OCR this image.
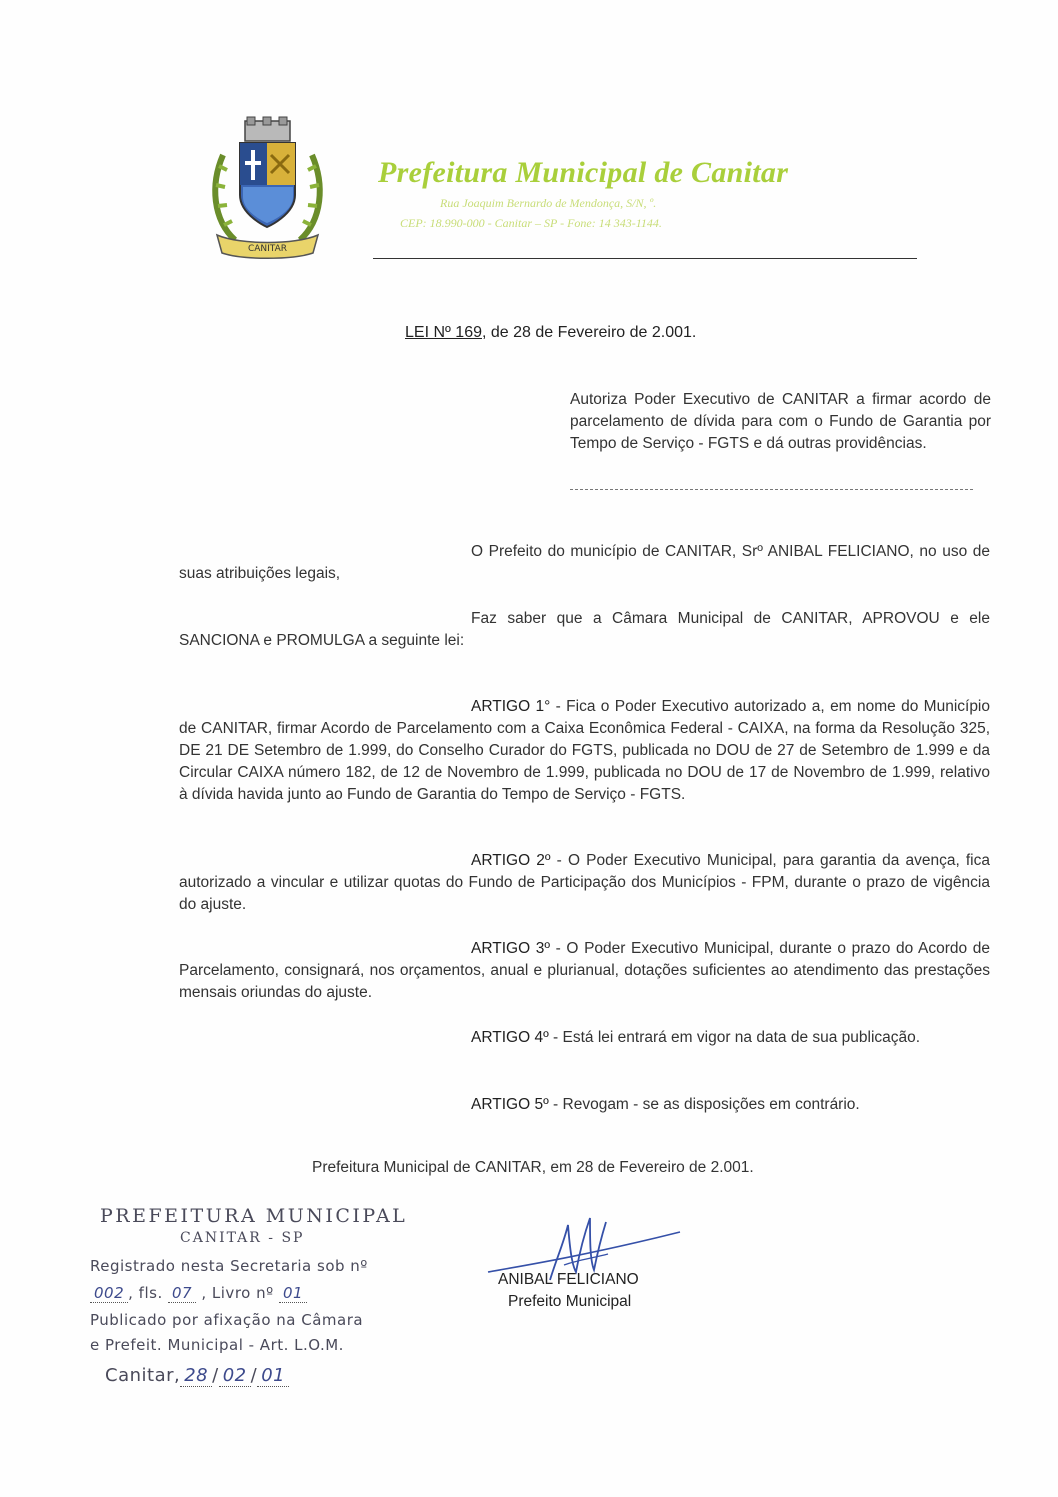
CANITAR
Prefeitura Municipal de Canitar
Rua Joaquim Bernardo de Mendonça, S/N, º.
CEP: 18.990-000 - Canitar – SP - Fone: 14 343-1144.
LEI Nº 169, de 28 de Fevereiro de 2.001.
Autoriza Poder Executivo de CANITAR a firmar acordo de parcelamento de dívida para com o Fundo de Garantia por Tempo de Serviço - FGTS e dá outras providências.
O Prefeito do município de CANITAR, Srº ANIBAL FELICIANO, no uso de suas atribuições legais,
Faz saber que a Câmara Municipal de CANITAR, APROVOU e ele SANCIONA e PROMULGA a seguinte lei:
ARTIGO 1° - Fica o Poder Executivo autorizado a, em nome do Município de CANITAR, firmar Acordo de Parcelamento com a Caixa Econômica Federal - CAIXA, na forma da Resolução 325, DE 21 DE Setembro de 1.999, do Conselho Curador do FGTS, publicada no DOU de 27 de Setembro de 1.999 e da Circular CAIXA número 182, de 12 de Novembro de 1.999, publicada no DOU de 17 de Novembro de 1.999, relativo à dívida havida junto ao Fundo de Garantia do Tempo de Serviço - FGTS.
ARTIGO 2º - O Poder Executivo Municipal, para garantia da avença, fica autorizado a vincular e utilizar quotas do Fundo de Participação dos Municípios - FPM, durante o prazo de vigência do ajuste.
ARTIGO 3º - O Poder Executivo Municipal, durante o prazo do Acordo de Parcelamento, consignará, nos orçamentos, anual e plurianual, dotações suficientes ao atendimento das prestações mensais oriundas do ajuste.
ARTIGO 4º - Está lei entrará em vigor na data de sua publicação.
ARTIGO 5º - Revogam - se as disposições em contrário.
Prefeitura Municipal de CANITAR, em 28 de Fevereiro de 2.001.
PREFEITURA MUNICIPAL
CANITAR - SP
Registrado nesta Secretaria sob nº
002 , fls. 07 , Livro nº 01
Publicado por afixação na Câmara
e Prefeit. Municipal - Art. L.O.M.
Canitar, 28 / 02 / 01
ANIBAL FELICIANO
Prefeito Municipal
